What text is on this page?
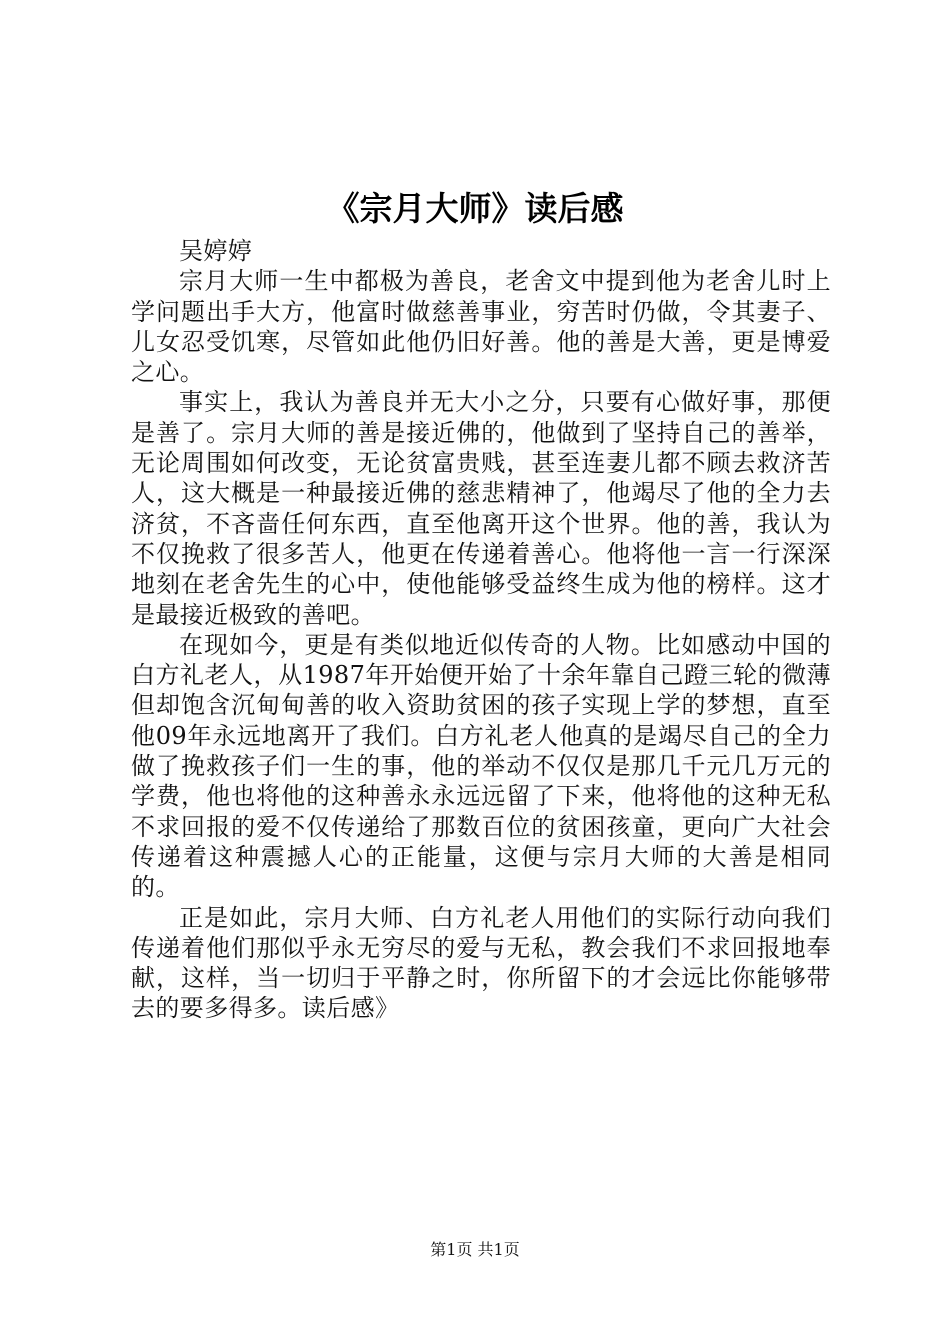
《宗月大师》读后感

吴婷婷

宗月大师一生中都极为善良，老舍文中提到他为老舍儿时上学问题出手大方，他富时做慈善事业，穷苦时仍做，令其妻子、儿女忍受饥寒，尽管如此他仍旧好善。他的善是大善，更是博爱之心。

事实上，我认为善良并无大小之分，只要有心做好事，那便是善了。宗月大师的善是接近佛的，他做到了坚持自己的善举，无论周围如何改变，无论贫富贵贱，甚至连妻儿都不顾去救济苦人，这大概是一种最接近佛的慈悲精神了，他竭尽了他的全力去济贫，不吝啬任何东西，直至他离开这个世界。他的善，我认为不仅挽救了很多苦人，他更在传递着善心。他将他一言一行深深地刻在老舍先生的心中，使他能够受益终生成为他的榜样。这才是最接近极致的善吧。

在现如今，更是有类似地近似传奇的人物。比如感动中国的白方礼老人，从1987年开始便开始了十余年靠自己蹬三轮的微薄但却饱含沉甸甸善的收入资助贫困的孩子实现上学的梦想，直至他09年永远地离开了我们。白方礼老人他真的是竭尽自己的全力做了挽救孩子们一生的事，他的举动不仅仅是那几千元几万元的学费，他也将他的这种善永永远远留了下来，他将他的这种无私不求回报的爱不仅传递给了那数百位的贫困孩童，更向广大社会传递着这种震撼人心的正能量，这便与宗月大师的大善是相同的。

正是如此，宗月大师、白方礼老人用他们的实际行动向我们传递着他们那似乎永无穷尽的爱与无私，教会我们不求回报地奉献，这样，当一切归于平静之时，你所留下的才会远比你能够带去的要多得多。读后感》

第1页 共1页
